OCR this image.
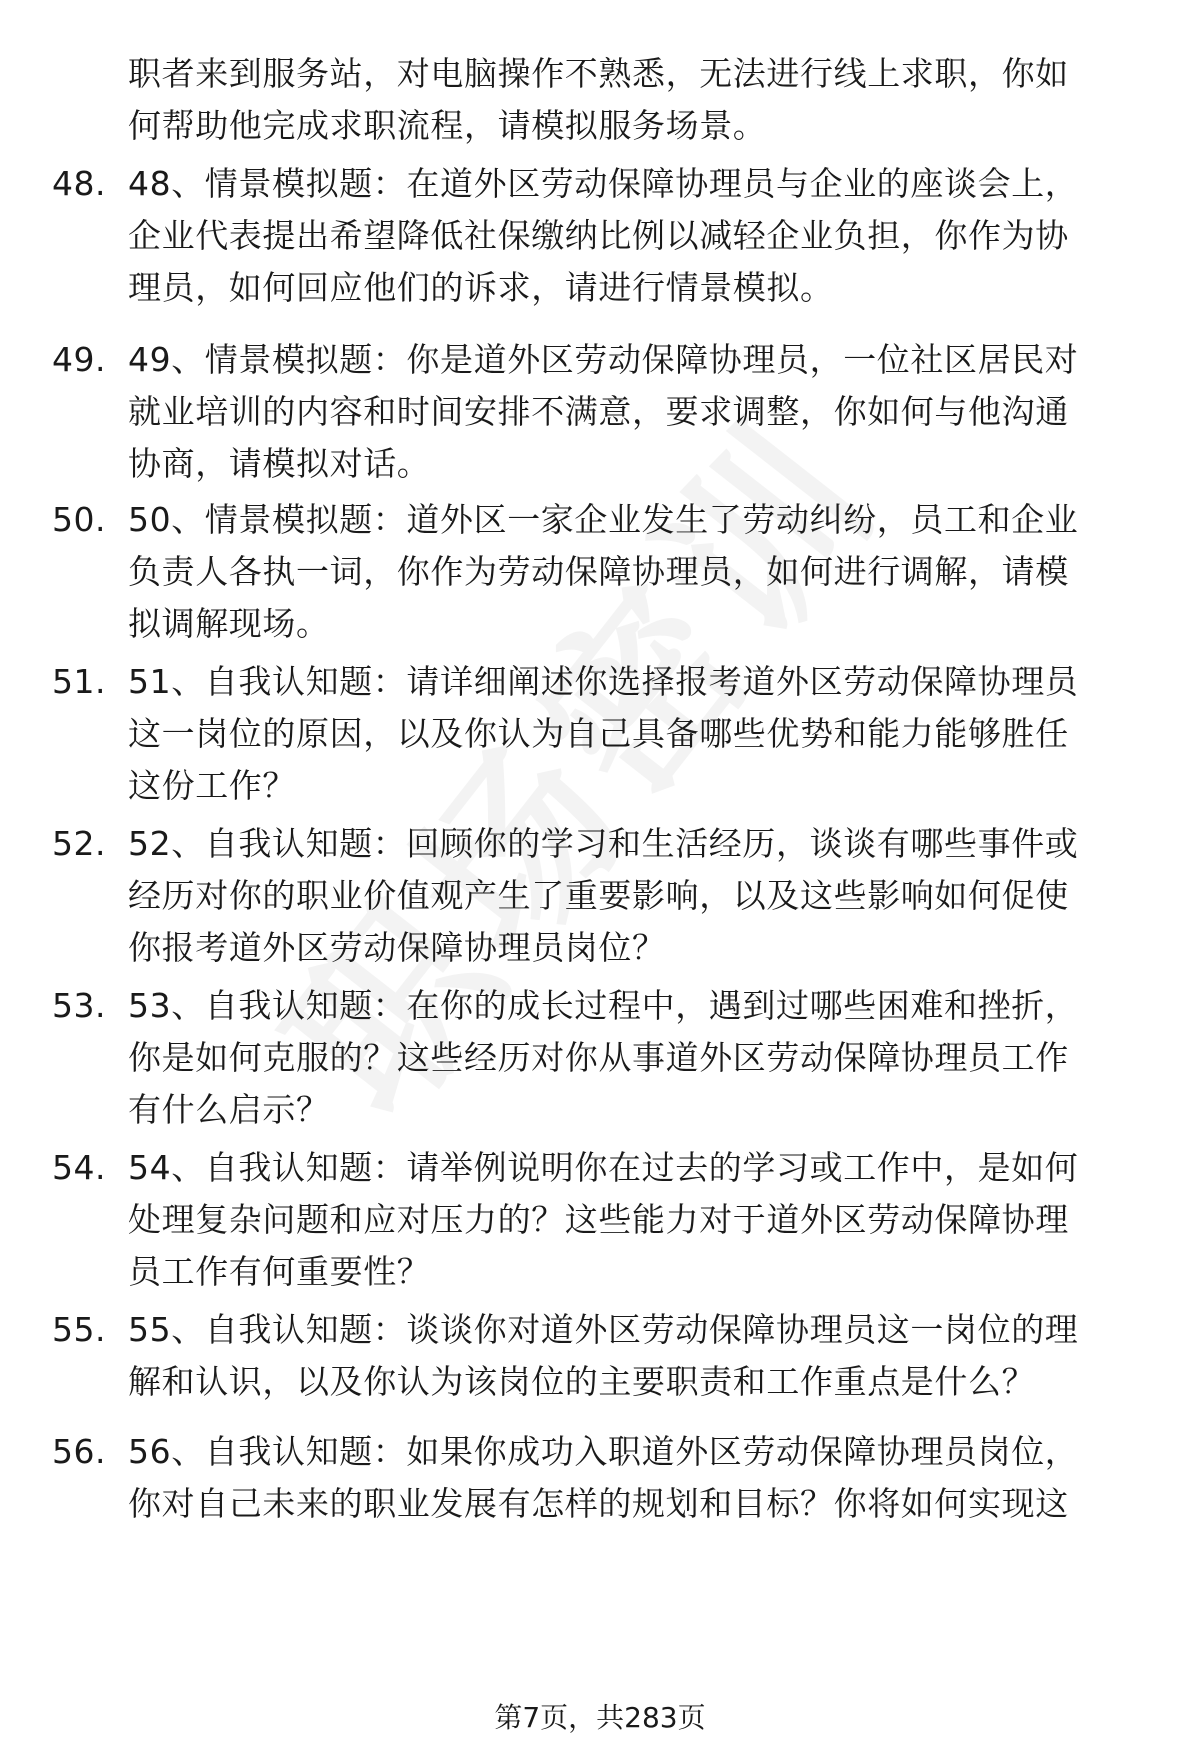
职者来到服务站，对电脑操作不熟悉，无法进行线上求职，你如
何帮助他完成求职流程，请模拟服务场景。
48. 48、情景模拟题：在道外区劳动保障协理员与企业的座谈会上，
企业代表提出希望降低社保缴纳比例以减轻企业负担，你作为协
理员，如何回应他们的诉求，请进行情景模拟。
49. 49、情景模拟题：你是道外区劳动保障协理员，一位社区居民对
就业培训的内容和时间安排不满意，要求调整，你如何与他沟通
协商，请模拟对话。
50. 50、情景模拟题：道外区一家企业发生了劳动纠纷，员工和企业
负责人各执一词，你作为劳动保障协理员，如何进行调解，请模
拟调解现场。
51. 51、自我认知题：请详细阐述你选择报考道外区劳动保障协理员
这一岗位的原因，以及你认为自己具备哪些优势和能力能够胜任
这份工作？
52. 52、自我认知题：回顾你的学习和生活经历，谈谈有哪些事件或
经历对你的职业价值观产生了重要影响，以及这些影响如何促使
你报考道外区劳动保障协理员岗位？
53. 53、自我认知题：在你的成长过程中，遇到过哪些困难和挫折，
你是如何克服的？这些经历对你从事道外区劳动保障协理员工作
有什么启示？
54. 54、自我认知题：请举例说明你在过去的学习或工作中，是如何
处理复杂问题和应对压力的？这些能力对于道外区劳动保障协理
员工作有何重要性？
55. 55、自我认知题：谈谈你对道外区劳动保障协理员这一岗位的理
解和认识，以及你认为该岗位的主要职责和工作重点是什么？
56. 56、自我认知题：如果你成功入职道外区劳动保障协理员岗位，
你对自己未来的职业发展有怎样的规划和目标？你将如何实现这
第7页，共283页
